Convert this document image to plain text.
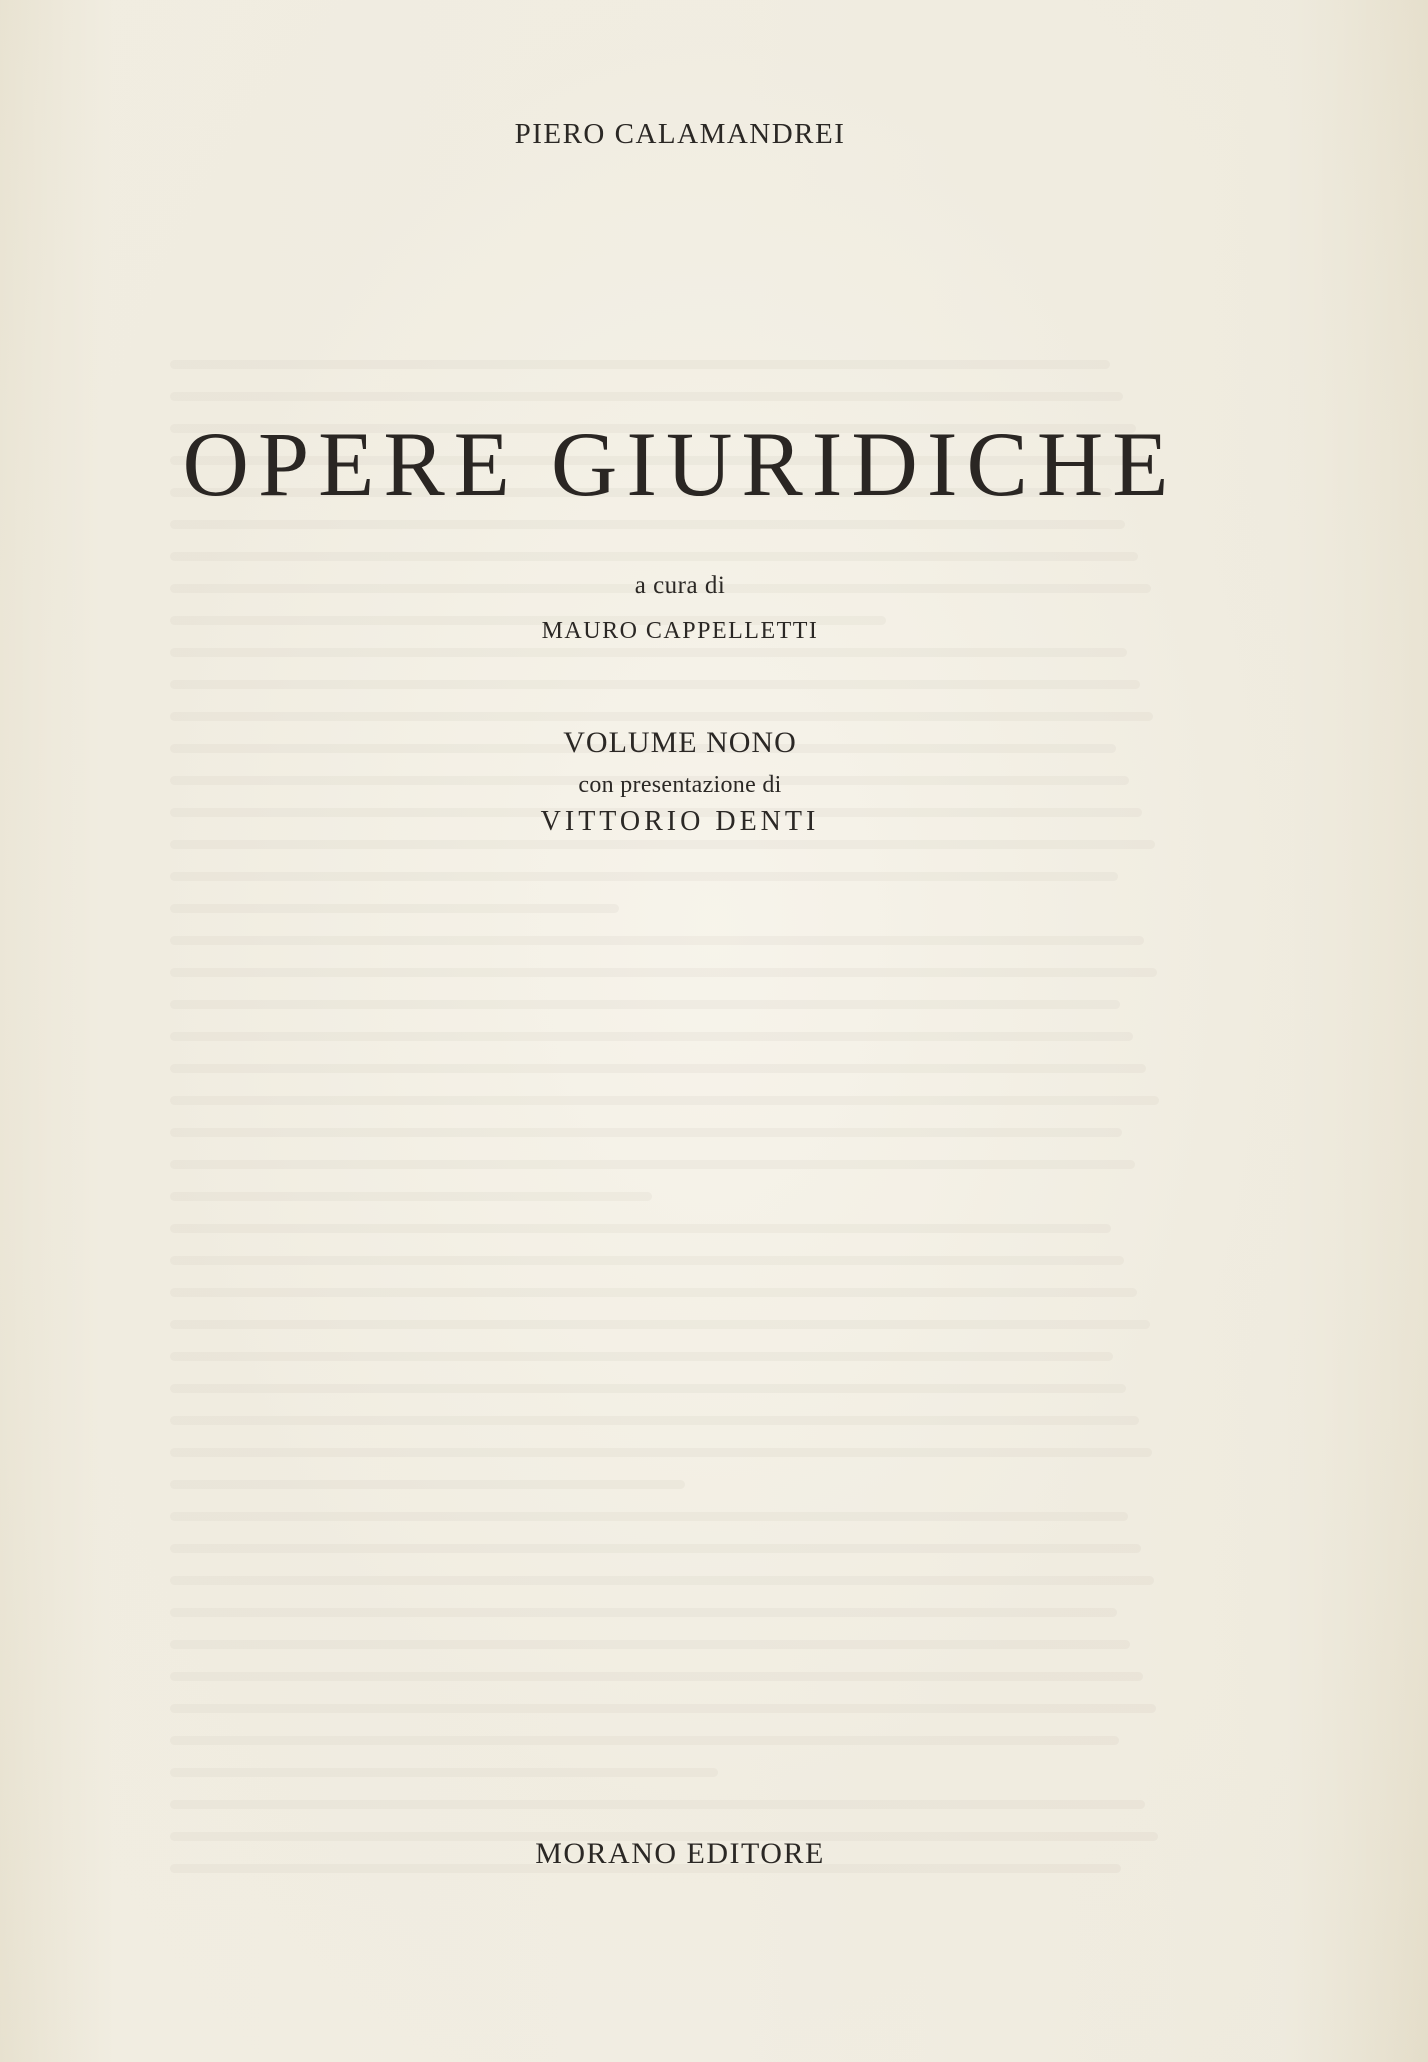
PIERO CALAMANDREI
OPERE GIURIDICHE
a cura di
MAURO CAPPELLETTI
VOLUME NONO
con presentazione di
VITTORIO DENTI
MORANO EDITORE
